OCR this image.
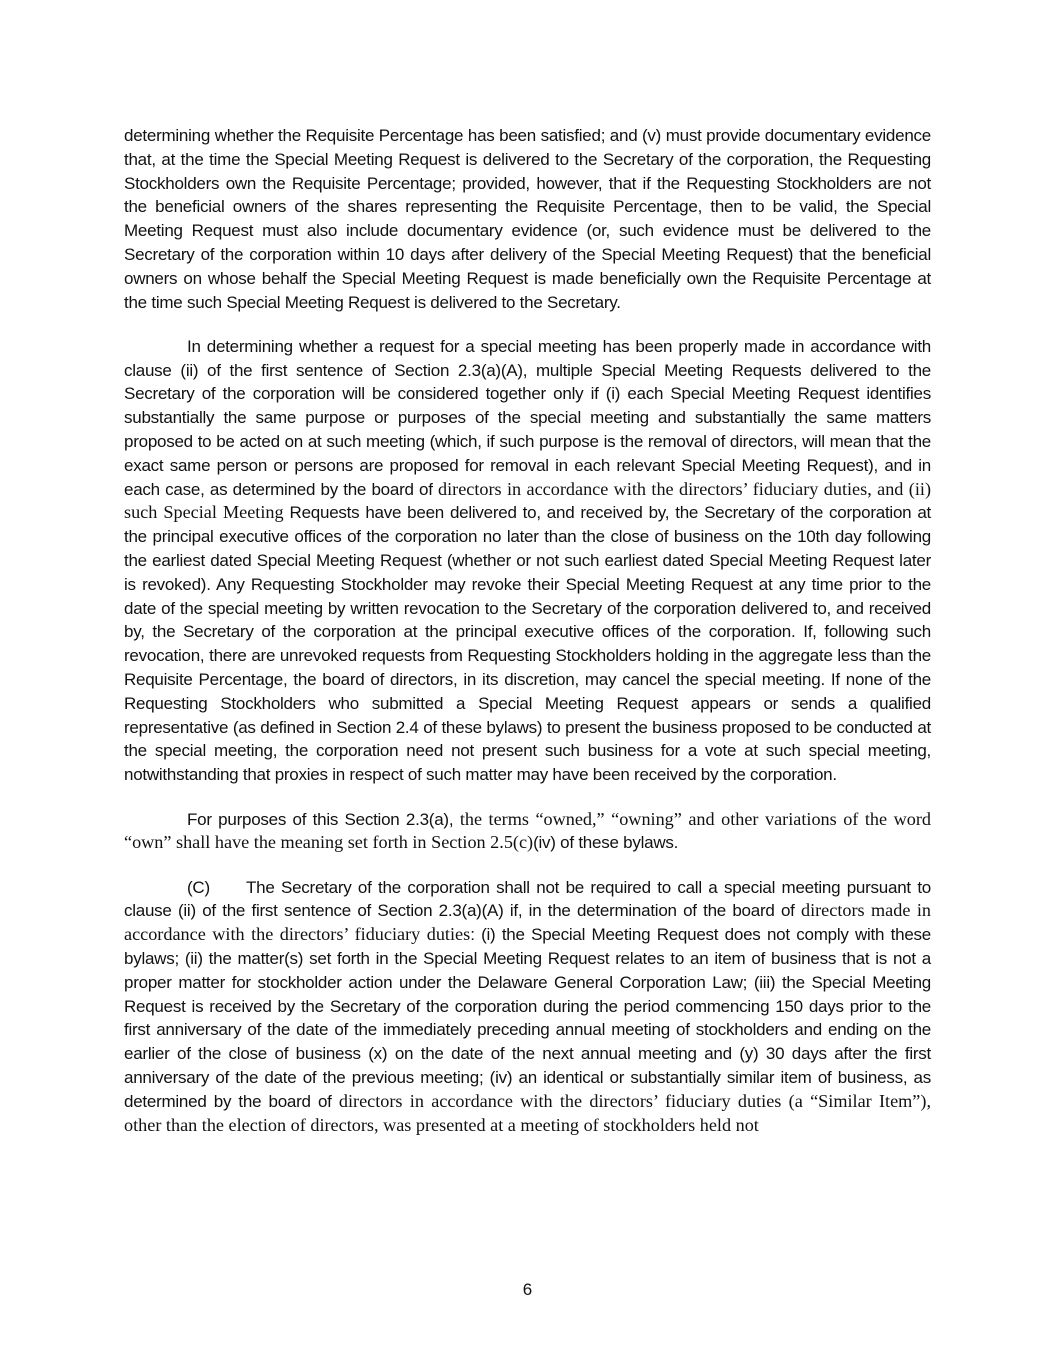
determining whether the Requisite Percentage has been satisfied; and (v) must provide documentary evidence that, at the time the Special Meeting Request is delivered to the Secretary of the corporation, the Requesting Stockholders own the Requisite Percentage; provided, however, that if the Requesting Stockholders are not the beneficial owners of the shares representing the Requisite Percentage, then to be valid, the Special Meeting Request must also include documentary evidence (or, such evidence must be delivered to the Secretary of the corporation within 10 days after delivery of the Special Meeting Request) that the beneficial owners on whose behalf the Special Meeting Request is made beneficially own the Requisite Percentage at the time such Special Meeting Request is delivered to the Secretary.

In determining whether a request for a special meeting has been properly made in accordance with clause (ii) of the first sentence of Section 2.3(a)(A), multiple Special Meeting Requests delivered to the Secretary of the corporation will be considered together only if (i) each Special Meeting Request identifies substantially the same purpose or purposes of the special meeting and substantially the same matters proposed to be acted on at such meeting (which, if such purpose is the removal of directors, will mean that the exact same person or persons are proposed for removal in each relevant Special Meeting Request), and in each case, as determined by the board of directors in accordance with the directors’ fiduciary duties, and (ii) such Special Meeting Requests have been delivered to, and received by, the Secretary of the corporation at the principal executive offices of the corporation no later than the close of business on the 10th day following the earliest dated Special Meeting Request (whether or not such earliest dated Special Meeting Request later is revoked). Any Requesting Stockholder may revoke their Special Meeting Request at any time prior to the date of the special meeting by written revocation to the Secretary of the corporation delivered to, and received by, the Secretary of the corporation at the principal executive offices of the corporation. If, following such revocation, there are unrevoked requests from Requesting Stockholders holding in the aggregate less than the Requisite Percentage, the board of directors, in its discretion, may cancel the special meeting. If none of the Requesting Stockholders who submitted a Special Meeting Request appears or sends a qualified representative (as defined in Section 2.4 of these bylaws) to present the business proposed to be conducted at the special meeting, the corporation need not present such business for a vote at such special meeting, notwithstanding that proxies in respect of such matter may have been received by the corporation.

For purposes of this Section 2.3(a), the terms “owned,” “owning” and other variations of the word “own” shall have the meaning set forth in Section 2.5(c)(iv) of these bylaws.

(C) The Secretary of the corporation shall not be required to call a special meeting pursuant to clause (ii) of the first sentence of Section 2.3(a)(A) if, in the determination of the board of directors made in accordance with the directors’ fiduciary duties: (i) the Special Meeting Request does not comply with these bylaws; (ii) the matter(s) set forth in the Special Meeting Request relates to an item of business that is not a proper matter for stockholder action under the Delaware General Corporation Law; (iii) the Special Meeting Request is received by the Secretary of the corporation during the period commencing 150 days prior to the first anniversary of the date of the immediately preceding annual meeting of stockholders and ending on the earlier of the close of business (x) on the date of the next annual meeting and (y) 30 days after the first anniversary of the date of the previous meeting; (iv) an identical or substantially similar item of business, as determined by the board of directors in accordance with the directors’ fiduciary duties (a “Similar Item”), other than the election of directors, was presented at a meeting of stockholders held not

6
